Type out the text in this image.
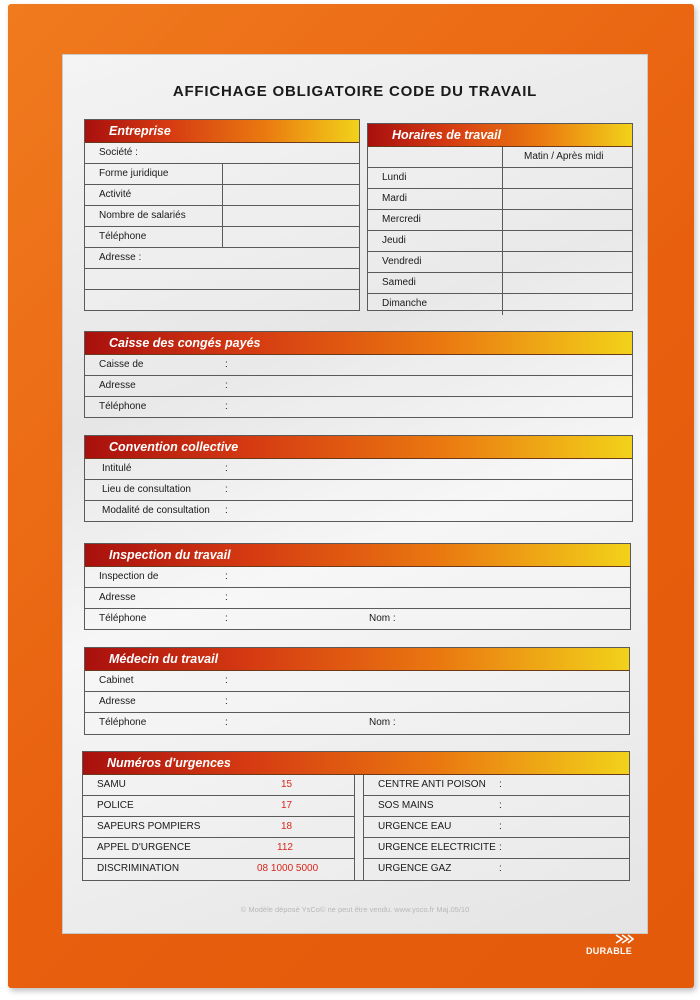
AFFICHAGE OBLIGATOIRE CODE DU TRAVAIL
Entreprise
Société :
Forme juridique
Activité
Nombre de salariés
Téléphone
Adresse :
Horaires de travail
Matin / Après midi
Lundi
Mardi
Mercredi
Jeudi
Vendredi
Samedi
Dimanche
Caisse des congés payés
Caisse de	:
Adresse	:
Téléphone	:
Convention collective
Intitulé	:
Lieu de consultation	:
Modalité de consultation :
Inspection du travail
Inspection de	:
Adresse	:
Téléphone	:	Nom :
Médecin du travail
Cabinet	:
Adresse	:
Téléphone	:	Nom :
Numéros d'urgences
SAMU	15
POLICE	17
SAPEURS POMPIERS	18
APPEL D'URGENCE	112
DISCRIMINATION	08 1000 5000
CENTRE ANTI POISON :
SOS MAINS	:
URGENCE EAU	:
URGENCE ELECTRICITE :
URGENCE GAZ	:
© Modèle déposé YsCo© ne peut être vendu. www.ysco.fr Maj.05/10
DURABLE
